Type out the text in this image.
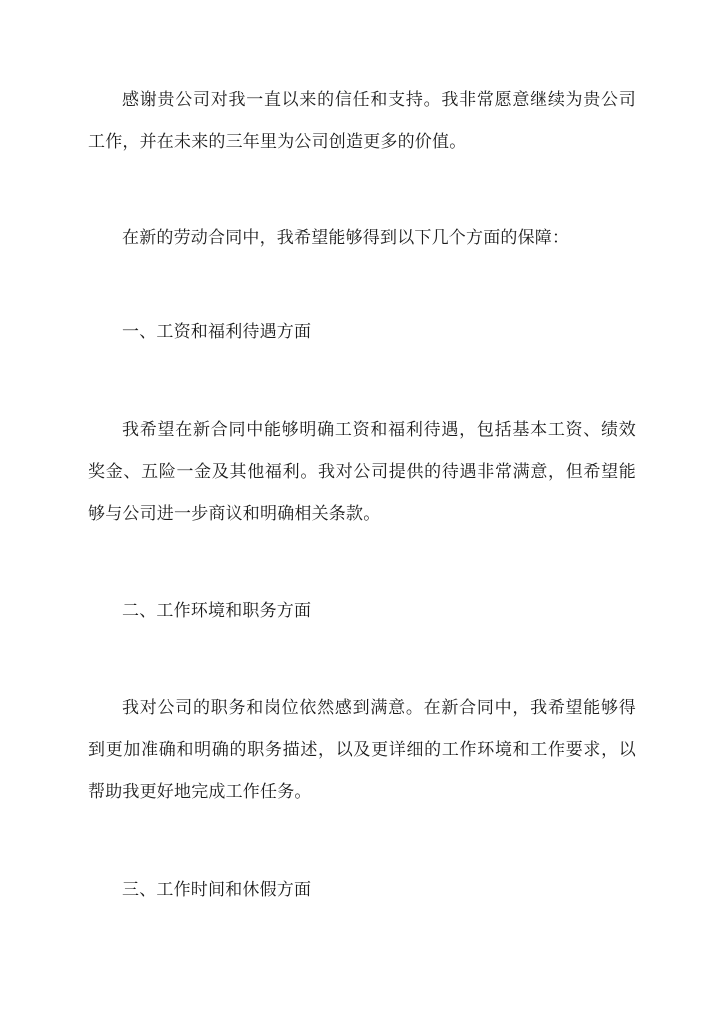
感谢贵公司对我一直以来的信任和支持。我非常愿意继续为贵公司工作，并在未来的三年里为公司创造更多的价值。
在新的劳动合同中，我希望能够得到以下几个方面的保障：
一、工资和福利待遇方面
我希望在新合同中能够明确工资和福利待遇，包括基本工资、绩效奖金、五险一金及其他福利。我对公司提供的待遇非常满意，但希望能够与公司进一步商议和明确相关条款。
二、工作环境和职务方面
我对公司的职务和岗位依然感到满意。在新合同中，我希望能够得到更加准确和明确的职务描述，以及更详细的工作环境和工作要求，以帮助我更好地完成工作任务。
三、工作时间和休假方面
